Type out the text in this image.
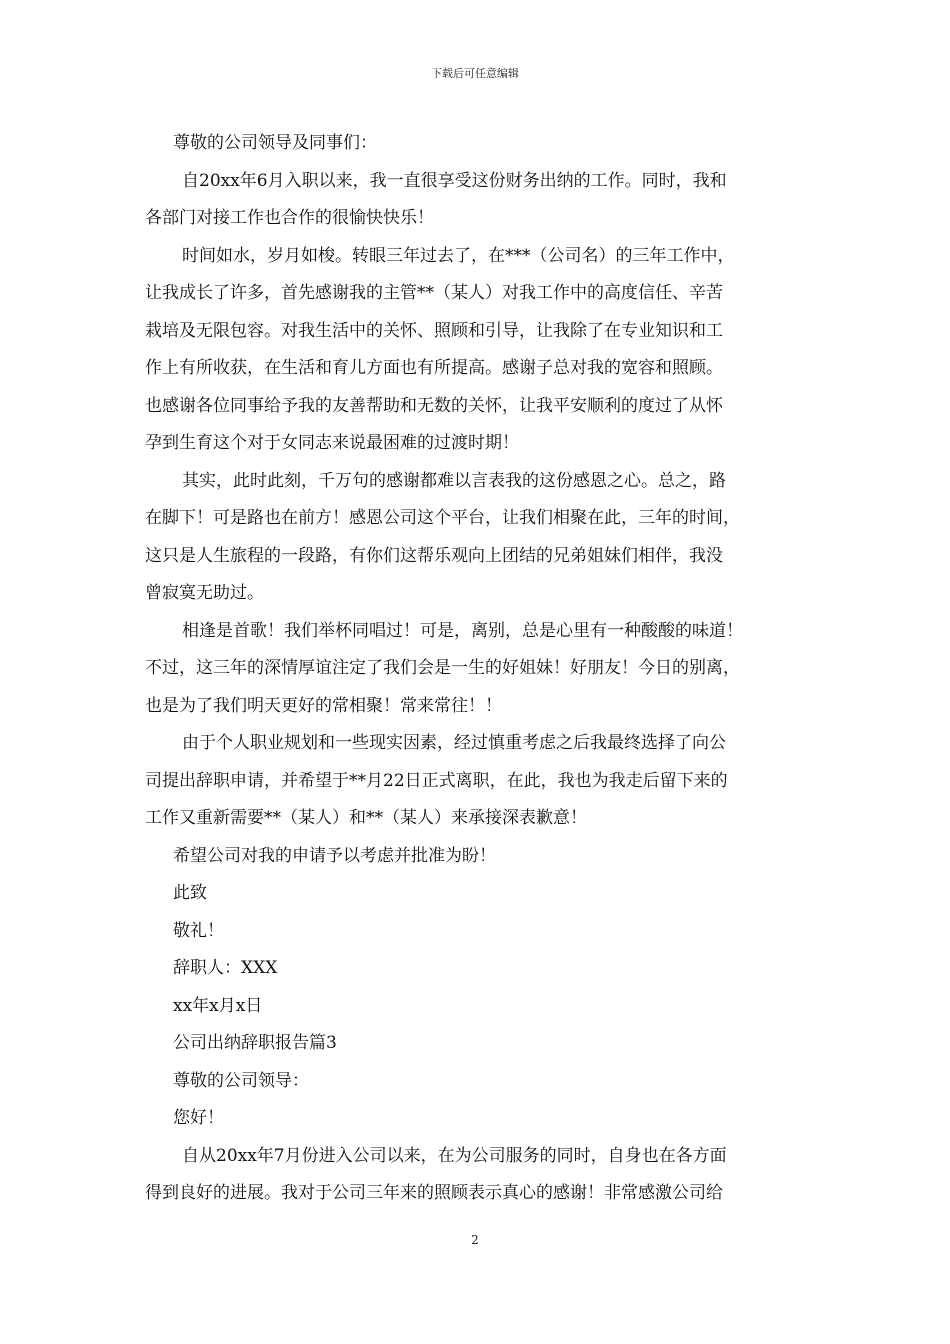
下载后可任意编辑
尊敬的公司领导及同事们：
自20xx年6月入职以来，我一直很享受这份财务出纳的工作。同时，我和
各部门对接工作也合作的很愉快快乐！
时间如水，岁月如梭。转眼三年过去了，在***（公司名）的三年工作中，
让我成长了许多，首先感谢我的主管**（某人）对我工作中的高度信任、辛苦
栽培及无限包容。对我生活中的关怀、照顾和引导，让我除了在专业知识和工
作上有所收获，在生活和育儿方面也有所提高。感谢子总对我的宽容和照顾。
也感谢各位同事给予我的友善帮助和无数的关怀，让我平安顺利的度过了从怀
孕到生育这个对于女同志来说最困难的过渡时期！
其实，此时此刻，千万句的感谢都难以言表我的这份感恩之心。总之，路
在脚下！可是路也在前方！感恩公司这个平台，让我们相聚在此，三年的时间，
这只是人生旅程的一段路，有你们这帮乐观向上团结的兄弟姐妹们相伴，我没
曾寂寞无助过。
相逢是首歌！我们举杯同唱过！可是，离别，总是心里有一种酸酸的味道！
不过，这三年的深情厚谊注定了我们会是一生的好姐妹！好朋友！今日的别离，
也是为了我们明天更好的常相聚！常来常往！！
由于个人职业规划和一些现实因素，经过慎重考虑之后我最终选择了向公
司提出辞职申请，并希望于**月22日正式离职，在此，我也为我走后留下来的
工作又重新需要**（某人）和**（某人）来承接深表歉意！
希望公司对我的申请予以考虑并批准为盼！
此致
敬礼！
辞职人：XXX
xx年x月x日
公司出纳辞职报告篇3
尊敬的公司领导：
您好！
自从20xx年7月份进入公司以来，在为公司服务的同时，自身也在各方面
得到良好的进展。我对于公司三年来的照顾表示真心的感谢！非常感激公司给
2
